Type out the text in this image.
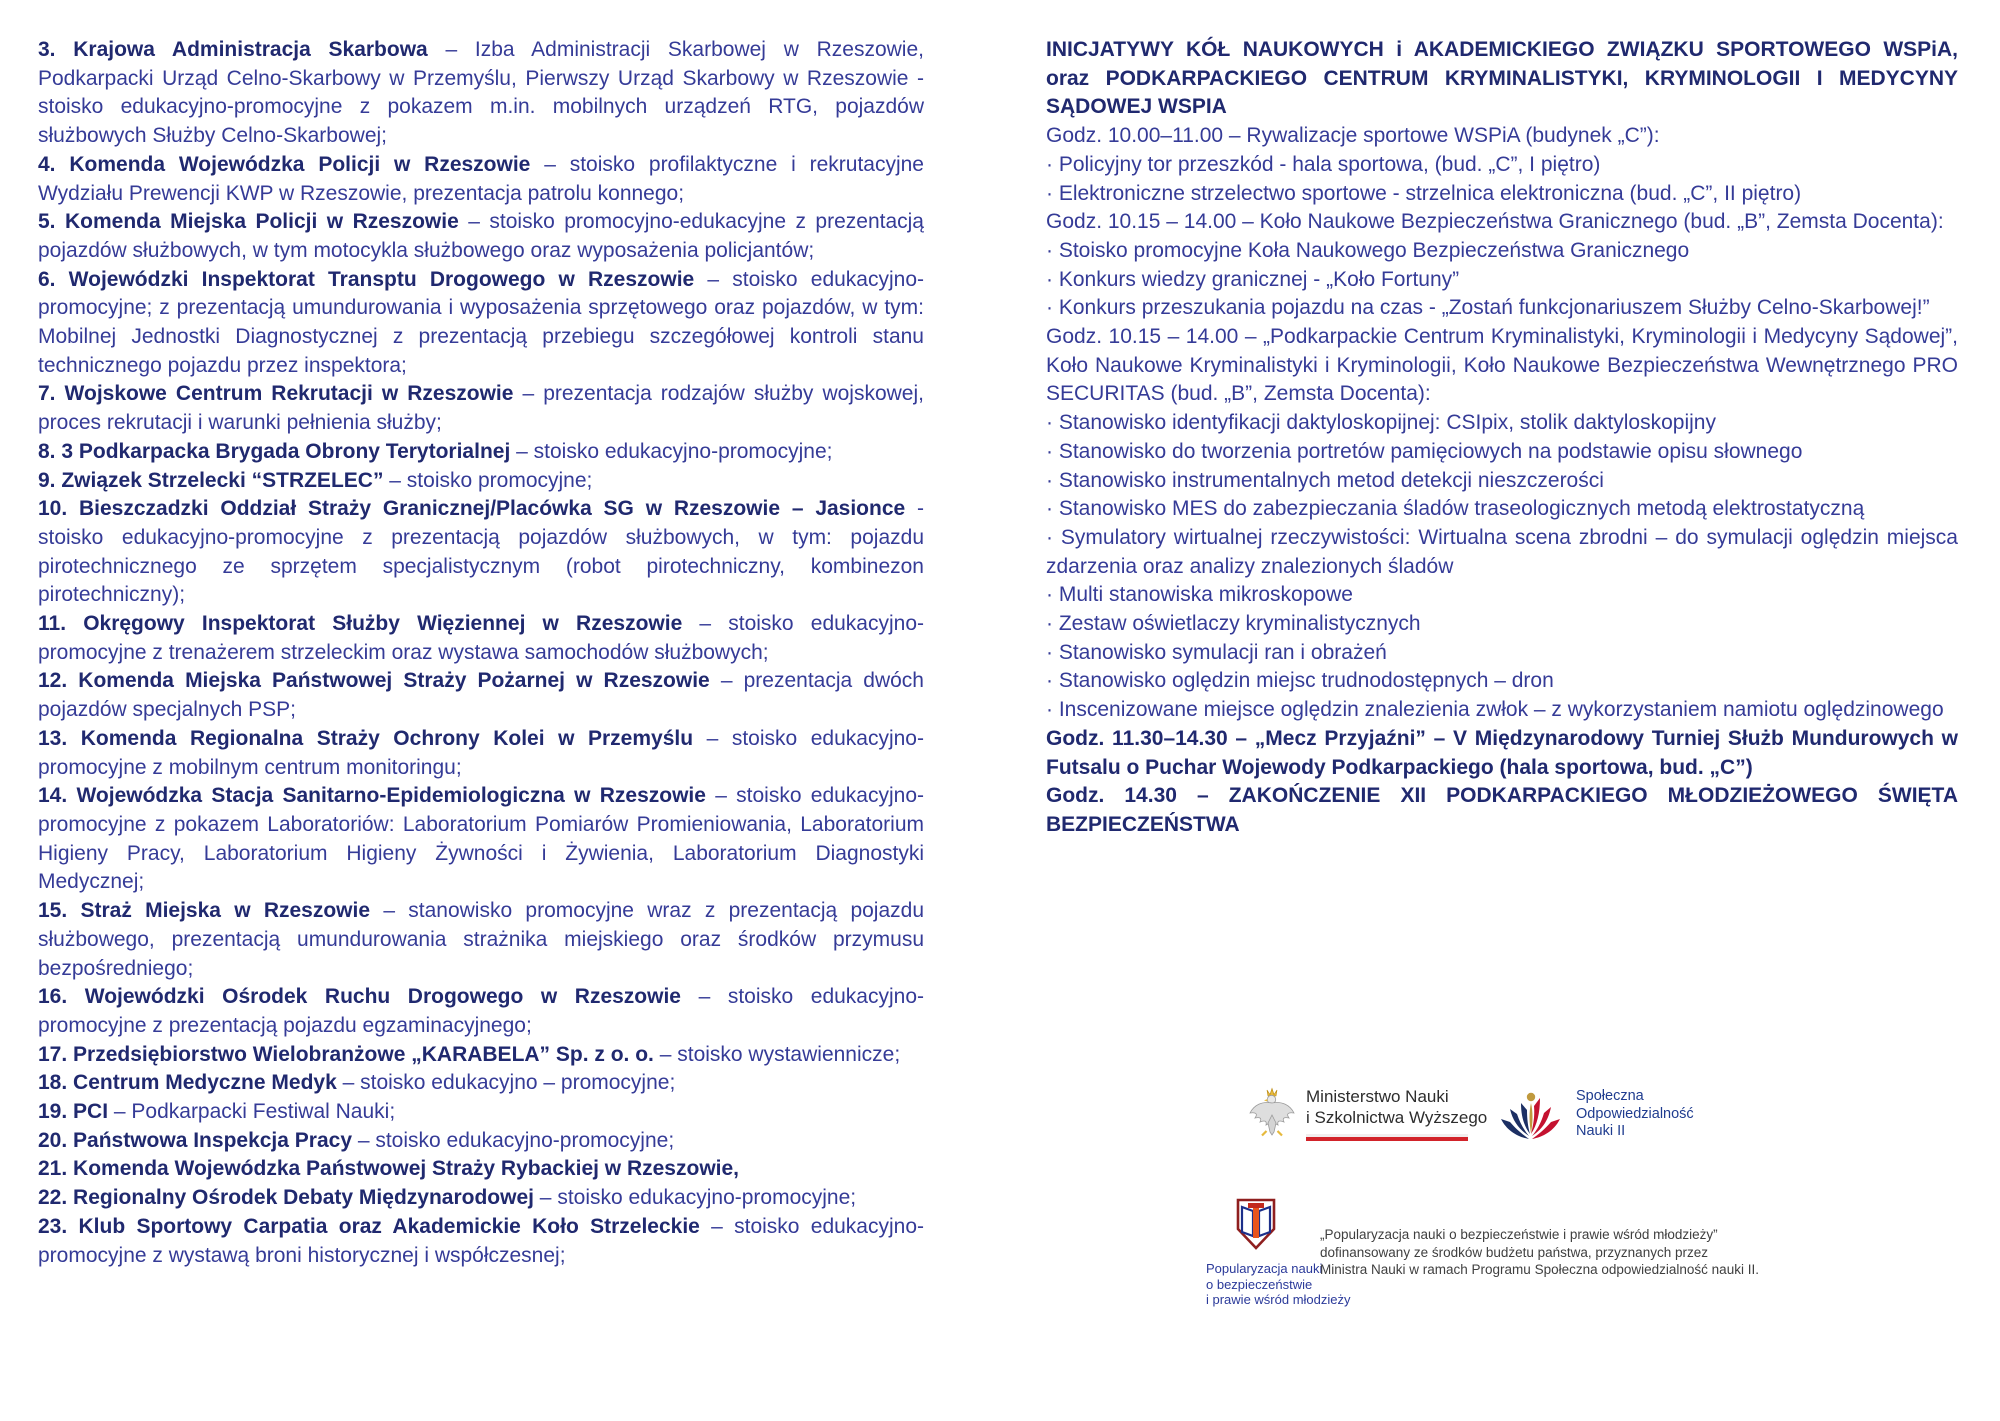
3. Krajowa Administracja Skarbowa – Izba Administracji Skarbowej w Rzeszowie, Podkarpacki Urząd Celno-Skarbowy w Przemyślu, Pierwszy Urząd Skarbowy w Rzeszowie - stoisko edukacyjno-promocyjne z pokazem m.in. mobilnych urządzeń RTG, pojazdów służbowych Służby Celno-Skarbowej;

4. Komenda Wojewódzka Policji w Rzeszowie – stoisko profilaktyczne i rekrutacyjne Wydziału Prewencji KWP w Rzeszowie, prezentacja patrolu konnego;

5. Komenda Miejska Policji w Rzeszowie – stoisko promocyjno-edukacyjne z prezentacją pojazdów służbowych, w tym motocykla służbowego oraz wyposażenia policjantów;

6. Wojewódzki Inspektorat Transptu Drogowego w Rzeszowie – stoisko edukacyjno-promocyjne; z prezentacją umundurowania i wyposażenia sprzętowego oraz pojazdów, w tym: Mobilnej Jednostki Diagnostycznej z prezentacją przebiegu szczegółowej kontroli stanu technicznego pojazdu przez inspektora;

7. Wojskowe Centrum Rekrutacji w Rzeszowie – prezentacja rodzajów służby wojskowej, proces rekrutacji i warunki pełnienia służby;

8. 3 Podkarpacka Brygada Obrony Terytorialnej – stoisko edukacyjno-promocyjne;

9. Związek Strzelecki “STRZELEC” – stoisko promocyjne;

10. Bieszczadzki Oddział Straży Granicznej/Placówka SG w Rzeszowie – Jasionce - stoisko edukacyjno-promocyjne z prezentacją pojazdów służbowych, w tym: pojazdu pirotechnicznego ze sprzętem specjalistycznym (robot pirotechniczny, kombinezon pirotechniczny);

11. Okręgowy Inspektorat Służby Więziennej w Rzeszowie – stoisko edukacyjno-promocyjne z trenażerem strzeleckim oraz wystawa samochodów służbowych;

12. Komenda Miejska Państwowej Straży Pożarnej w Rzeszowie – prezentacja dwóch pojazdów specjalnych PSP;

13. Komenda Regionalna Straży Ochrony Kolei w Przemyślu – stoisko edukacyjno-promocyjne z mobilnym centrum monitoringu;

14. Wojewódzka Stacja Sanitarno-Epidemiologiczna w Rzeszowie – stoisko edukacyjno-promocyjne z pokazem Laboratoriów: Laboratorium Pomiarów Promieniowania, Laboratorium Higieny Pracy, Laboratorium Higieny Żywności i Żywienia, Laboratorium Diagnostyki Medycznej;

15. Straż Miejska w Rzeszowie – stanowisko promocyjne wraz z prezentacją pojazdu służbowego, prezentacją umundurowania strażnika miejskiego oraz środków przymusu bezpośredniego;

16. Wojewódzki Ośrodek Ruchu Drogowego w Rzeszowie – stoisko edukacyjno-promocyjne z prezentacją pojazdu egzaminacyjnego;

17. Przedsiębiorstwo Wielobranżowe „KARABELA” Sp. z o. o. – stoisko wystawiennicze;

18. Centrum Medyczne Medyk – stoisko edukacyjno – promocyjne;

19. PCI – Podkarpacki Festiwal Nauki;

20. Państwowa Inspekcja Pracy – stoisko edukacyjno-promocyjne;

21. Komenda Wojewódzka Państwowej Straży Rybackiej w Rzeszowie,

22. Regionalny Ośrodek Debaty Międzynarodowej – stoisko edukacyjno-promocyjne;

23. Klub Sportowy Carpatia oraz Akademickie Koło Strzeleckie – stoisko edukacyjno-promocyjne z wystawą broni historycznej i współczesnej;

INICJATYWY KÓŁ NAUKOWYCH i AKADEMICKIEGO ZWIĄZKU SPORTOWEGO WSPiA, oraz PODKARPACKIEGO CENTRUM KRYMINALISTYKI, KRYMINOLOGII I MEDYCYNY SĄDOWEJ WSPIA

Godz. 10.00–11.00 – Rywalizacje sportowe WSPiA (budynek „C”):

· Policyjny tor przeszkód - hala sportowa, (bud. „C”, I piętro)

· Elektroniczne strzelectwo sportowe - strzelnica elektroniczna (bud. „C”, II piętro)

Godz. 10.15 – 14.00 – Koło Naukowe Bezpieczeństwa Granicznego (bud. „B”, Zemsta Docenta):

· Stoisko promocyjne Koła Naukowego Bezpieczeństwa Granicznego

· Konkurs wiedzy granicznej - „Koło Fortuny”

· Konkurs przeszukania pojazdu na czas - „Zostań funkcjonariuszem Służby Celno-Skarbowej!”

Godz. 10.15 – 14.00 – „Podkarpackie Centrum Kryminalistyki, Kryminologii i Medycyny Sądowej”, Koło Naukowe Kryminalistyki i Kryminologii, Koło Naukowe Bezpieczeństwa Wewnętrznego PRO SECURITAS (bud. „B”, Zemsta Docenta):

· Stanowisko identyfikacji daktyloskopijnej: CSIpix, stolik daktyloskopijny

· Stanowisko do tworzenia portretów pamięciowych na podstawie opisu słownego

· Stanowisko instrumentalnych metod detekcji nieszczerości

· Stanowisko MES do zabezpieczania śladów traseologicznych metodą elektrostatyczną

· Symulatory wirtualnej rzeczywistości: Wirtualna scena zbrodni – do symulacji oględzin miejsca zdarzenia oraz analizy znalezionych śladów

· Multi stanowiska mikroskopowe

· Zestaw oświetlaczy kryminalistycznych

· Stanowisko symulacji ran i obrażeń

· Stanowisko oględzin miejsc trudnodostępnych – dron

· Inscenizowane miejsce oględzin znalezienia zwłok – z wykorzystaniem namiotu oględzinowego

Godz. 11.30–14.30 – „Mecz Przyjaźni” – V Międzynarodowy Turniej Służb Mundurowych w Futsalu o Puchar Wojewody Podkarpackiego (hala sportowa, bud. „C”)

Godz. 14.30 – ZAKOŃCZENIE XII PODKARPACKIEGO MŁODZIEŻOWEGO ŚWIĘTA BEZPIECZEŃSTWA

Ministerstwo Nauki
i Szkolnictwa Wyższego
Społeczna
Odpowiedzialność
Nauki II
Popularyzacja nauki
o bezpieczeństwie
i prawie wśród młodzieży
„Popularyzacja nauki o bezpieczeństwie i prawie wśród młodzieży”
dofinansowany ze środków budżetu państwa, przyznanych przez
Ministra Nauki w ramach Programu Społeczna odpowiedzialność nauki II.
